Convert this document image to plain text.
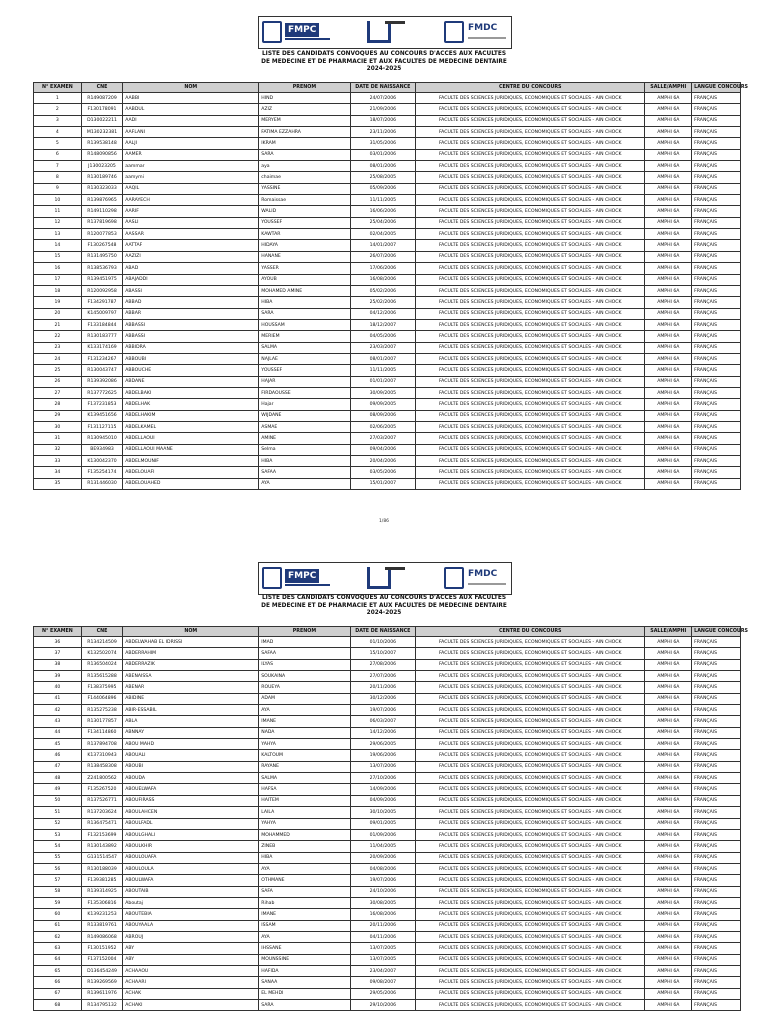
FMPC	FMDC
LISTE DES CANDIDATS CONVOQUES AU CONCOURS D'ACCES AUX FACULTES
DE MEDECINE ET DE PHARMACIE ET AUX FACULTES DE MEDECINE DENTAIRE
2024-2025
N° EXAMEN	CNE	NOM	PRENOM	DATE DE NAISSANCE	CENTRE DU CONCOURS	SALLE/AMPHI	LANGUE CONCOURS
1	R149087209	AABBI	HIND	24/07/2006	FACULTE DES SCIENCES JURIDIQUES, ECONOMIQUES ET SOCIALES - AIN CHOCK	AMPHI 6A	FRANÇAIS
2	F130178091	AABDUL	AZIZ	21/09/2006	FACULTE DES SCIENCES JURIDIQUES, ECONOMIQUES ET SOCIALES - AIN CHOCK	AMPHI 6A	FRANÇAIS
3	D130022211	AADI	MERYEM	18/07/2006	FACULTE DES SCIENCES JURIDIQUES, ECONOMIQUES ET SOCIALES - AIN CHOCK	AMPHI 6A	FRANÇAIS
4	M130232381	AAFLANI	FATIMA EZZAHRA	23/11/2006	FACULTE DES SCIENCES JURIDIQUES, ECONOMIQUES ET SOCIALES - AIN CHOCK	AMPHI 6A	FRANÇAIS
5	R139538148	AALJI	IKRAM	31/05/2006	FACULTE DES SCIENCES JURIDIQUES, ECONOMIQUES ET SOCIALES - AIN CHOCK	AMPHI 6A	FRANÇAIS
6	R148090856	AAMER	SARA	03/01/2006	FACULTE DES SCIENCES JURIDIQUES, ECONOMIQUES ET SOCIALES - AIN CHOCK	AMPHI 6A	FRANÇAIS
7	J130023205	aammar	aya	08/01/2006	FACULTE DES SCIENCES JURIDIQUES, ECONOMIQUES ET SOCIALES - AIN CHOCK	AMPHI 6A	FRANÇAIS
8	R130189746	aamymi	chaimae	25/08/2005	FACULTE DES SCIENCES JURIDIQUES, ECONOMIQUES ET SOCIALES - AIN CHOCK	AMPHI 6A	FRANÇAIS
9	R130323033	AAQIL	YASSINE	05/09/2006	FACULTE DES SCIENCES JURIDIQUES, ECONOMIQUES ET SOCIALES - AIN CHOCK	AMPHI 6A	FRANÇAIS
10	R139876965	AARAYECH	Romaissae	11/11/2005	FACULTE DES SCIENCES JURIDIQUES, ECONOMIQUES ET SOCIALES - AIN CHOCK	AMPHI 6A	FRANÇAIS
11	R149110298	AARIF	WALID	16/06/2006	FACULTE DES SCIENCES JURIDIQUES, ECONOMIQUES ET SOCIALES - AIN CHOCK	AMPHI 6A	FRANÇAIS
12	R137819698	AASLI	YOUSSEF	25/04/2006	FACULTE DES SCIENCES JURIDIQUES, ECONOMIQUES ET SOCIALES - AIN CHOCK	AMPHI 6A	FRANÇAIS
13	R120077853	AASSAR	KAWTAR	02/04/2005	FACULTE DES SCIENCES JURIDIQUES, ECONOMIQUES ET SOCIALES - AIN CHOCK	AMPHI 6A	FRANÇAIS
14	F130267548	AATTAF	HIDAYA	14/01/2007	FACULTE DES SCIENCES JURIDIQUES, ECONOMIQUES ET SOCIALES - AIN CHOCK	AMPHI 6A	FRANÇAIS
15	R131495750	AAZIZI	HANANE	26/07/2006	FACULTE DES SCIENCES JURIDIQUES, ECONOMIQUES ET SOCIALES - AIN CHOCK	AMPHI 6A	FRANÇAIS
16	R138536793	ABAD	YASSER	17/06/2006	FACULTE DES SCIENCES JURIDIQUES, ECONOMIQUES ET SOCIALES - AIN CHOCK	AMPHI 6A	FRANÇAIS
17	R139451975	ABAJADDI	AYOUB	16/08/2006	FACULTE DES SCIENCES JURIDIQUES, ECONOMIQUES ET SOCIALES - AIN CHOCK	AMPHI 6A	FRANÇAIS
18	R120092958	ABASSI	MOHAMED AMINE	05/02/2006	FACULTE DES SCIENCES JURIDIQUES, ECONOMIQUES ET SOCIALES - AIN CHOCK	AMPHI 6A	FRANÇAIS
19	F134291787	ABBAD	HIBA	25/02/2006	FACULTE DES SCIENCES JURIDIQUES, ECONOMIQUES ET SOCIALES - AIN CHOCK	AMPHI 6A	FRANÇAIS
20	K145009797	ABBAR	SARA	04/12/2006	FACULTE DES SCIENCES JURIDIQUES, ECONOMIQUES ET SOCIALES - AIN CHOCK	AMPHI 6A	FRANÇAIS
21	F133184844	ABBASSI	HOUSSAM	18/12/2007	FACULTE DES SCIENCES JURIDIQUES, ECONOMIQUES ET SOCIALES - AIN CHOCK	AMPHI 6A	FRANÇAIS
22	R130183777	ABBASSI	MERIEM	04/05/2006	FACULTE DES SCIENCES JURIDIQUES, ECONOMIQUES ET SOCIALES - AIN CHOCK	AMPHI 6A	FRANÇAIS
23	K133174169	ABBIDRA	SALMA	23/03/2007	FACULTE DES SCIENCES JURIDIQUES, ECONOMIQUES ET SOCIALES - AIN CHOCK	AMPHI 6A	FRANÇAIS
24	F131234267	ABBOUBI	NAJLAE	08/01/2007	FACULTE DES SCIENCES JURIDIQUES, ECONOMIQUES ET SOCIALES - AIN CHOCK	AMPHI 6A	FRANÇAIS
25	R130043747	ABBOUCHE	YOUSSEF	11/11/2005	FACULTE DES SCIENCES JURIDIQUES, ECONOMIQUES ET SOCIALES - AIN CHOCK	AMPHI 6A	FRANÇAIS
26	R139392086	ABDANE	HAJAR	01/01/2007	FACULTE DES SCIENCES JURIDIQUES, ECONOMIQUES ET SOCIALES - AIN CHOCK	AMPHI 6A	FRANÇAIS
27	R137772625	ABDELBAKI	FIRDAOUSSE	30/09/2005	FACULTE DES SCIENCES JURIDIQUES, ECONOMIQUES ET SOCIALES - AIN CHOCK	AMPHI 6A	FRANÇAIS
28	F137231853	ABDELHAK	Hajar	09/09/2005	FACULTE DES SCIENCES JURIDIQUES, ECONOMIQUES ET SOCIALES - AIN CHOCK	AMPHI 6A	FRANÇAIS
29	K139451656	ABDELHAKIM	WIJDANE	08/09/2006	FACULTE DES SCIENCES JURIDIQUES, ECONOMIQUES ET SOCIALES - AIN CHOCK	AMPHI 6A	FRANÇAIS
30	F131127115	ABDELKAMEL	ASMAE	02/06/2005	FACULTE DES SCIENCES JURIDIQUES, ECONOMIQUES ET SOCIALES - AIN CHOCK	AMPHI 6A	FRANÇAIS
31	R130945010	ABDELLAOUI	AMINE	27/03/2007	FACULTE DES SCIENCES JURIDIQUES, ECONOMIQUES ET SOCIALES - AIN CHOCK	AMPHI 6A	FRANÇAIS
32	BE934983	ABDELLAOUI MAANE	Selma	09/04/2006	FACULTE DES SCIENCES JURIDIQUES, ECONOMIQUES ET SOCIALES - AIN CHOCK	AMPHI 6A	FRANÇAIS
33	K130042370	ABDELMOUNIF	HIBA	20/04/2006	FACULTE DES SCIENCES JURIDIQUES, ECONOMIQUES ET SOCIALES - AIN CHOCK	AMPHI 6A	FRANÇAIS
34	F135254174	ABDELOUAFI	SAFAA	03/05/2006	FACULTE DES SCIENCES JURIDIQUES, ECONOMIQUES ET SOCIALES - AIN CHOCK	AMPHI 6A	FRANÇAIS
35	R131446030	ABDELOUAHED	AYA	15/01/2007	FACULTE DES SCIENCES JURIDIQUES, ECONOMIQUES ET SOCIALES - AIN CHOCK	AMPHI 6A	FRANÇAIS
1/86
FMPC	FMDC
LISTE DES CANDIDATS CONVOQUES AU CONCOURS D'ACCES AUX FACULTES
DE MEDECINE ET DE PHARMACIE ET AUX FACULTES DE MEDECINE DENTAIRE
2024-2025
N° EXAMEN	CNE	NOM	PRENOM	DATE DE NAISSANCE	CENTRE DU CONCOURS	SALLE/AMPHI	LANGUE CONCOURS
36	R134214509	ABDELWAHAB EL IDRISSI	IMAD	01/10/2006	FACULTE DES SCIENCES JURIDIQUES, ECONOMIQUES ET SOCIALES - AIN CHOCK	AMPHI 6A	FRANÇAIS
37	K132502074	ABDERRAHIM	SAFAA	15/10/2007	FACULTE DES SCIENCES JURIDIQUES, ECONOMIQUES ET SOCIALES - AIN CHOCK	AMPHI 6A	FRANÇAIS
38	R136504024	ABDERRAZIK	ILYAS	27/08/2006	FACULTE DES SCIENCES JURIDIQUES, ECONOMIQUES ET SOCIALES - AIN CHOCK	AMPHI 6A	FRANÇAIS
39	R135615288	ABENAISSA	SOUKAINA	27/07/2006	FACULTE DES SCIENCES JURIDIQUES, ECONOMIQUES ET SOCIALES - AIN CHOCK	AMPHI 6A	FRANÇAIS
40	F138375995	ABENAR	ROUEYA	20/11/2006	FACULTE DES SCIENCES JURIDIQUES, ECONOMIQUES ET SOCIALES - AIN CHOCK	AMPHI 6A	FRANÇAIS
41	F144064896	ABIDINE	ADAM	30/12/2006	FACULTE DES SCIENCES JURIDIQUES, ECONOMIQUES ET SOCIALES - AIN CHOCK	AMPHI 6A	FRANÇAIS
42	R135275238	ABIR-ESSABIL	AYA	19/07/2006	FACULTE DES SCIENCES JURIDIQUES, ECONOMIQUES ET SOCIALES - AIN CHOCK	AMPHI 6A	FRANÇAIS
43	R130177857	ABLA	IMANE	06/03/2007	FACULTE DES SCIENCES JURIDIQUES, ECONOMIQUES ET SOCIALES - AIN CHOCK	AMPHI 6A	FRANÇAIS
44	F134114860	ABNNAY	NADA	14/12/2006	FACULTE DES SCIENCES JURIDIQUES, ECONOMIQUES ET SOCIALES - AIN CHOCK	AMPHI 6A	FRANÇAIS
45	R137894708	ABOU MAHD	YAHYA	29/06/2005	FACULTE DES SCIENCES JURIDIQUES, ECONOMIQUES ET SOCIALES - AIN CHOCK	AMPHI 6A	FRANÇAIS
46	K137310943	ABOUALI	KALTOUM	19/06/2006	FACULTE DES SCIENCES JURIDIQUES, ECONOMIQUES ET SOCIALES - AIN CHOCK	AMPHI 6A	FRANÇAIS
47	R138458308	ABOUBI	RAYANE	13/07/2006	FACULTE DES SCIENCES JURIDIQUES, ECONOMIQUES ET SOCIALES - AIN CHOCK	AMPHI 6A	FRANÇAIS
48	Z241800562	ABOUDA	SALMA	27/10/2006	FACULTE DES SCIENCES JURIDIQUES, ECONOMIQUES ET SOCIALES - AIN CHOCK	AMPHI 6A	FRANÇAIS
49	F135267520	ABOUELWAFA	HAFSA	14/09/2006	FACULTE DES SCIENCES JURIDIQUES, ECONOMIQUES ET SOCIALES - AIN CHOCK	AMPHI 6A	FRANÇAIS
50	R137526771	ABOUFIRASS	HAITEM	04/09/2006	FACULTE DES SCIENCES JURIDIQUES, ECONOMIQUES ET SOCIALES - AIN CHOCK	AMPHI 6A	FRANÇAIS
51	R137203624	ABOULAHCEN	LAILA	30/10/2005	FACULTE DES SCIENCES JURIDIQUES, ECONOMIQUES ET SOCIALES - AIN CHOCK	AMPHI 6A	FRANÇAIS
52	R136475471	ABOULFADL	YAHYA	09/01/2005	FACULTE DES SCIENCES JURIDIQUES, ECONOMIQUES ET SOCIALES - AIN CHOCK	AMPHI 6A	FRANÇAIS
53	F132153699	ABOULGHALI	MOHAMMED	01/09/2006	FACULTE DES SCIENCES JURIDIQUES, ECONOMIQUES ET SOCIALES - AIN CHOCK	AMPHI 6A	FRANÇAIS
54	R130143892	ABOULKHIR	ZINEB	11/04/2005	FACULTE DES SCIENCES JURIDIQUES, ECONOMIQUES ET SOCIALES - AIN CHOCK	AMPHI 6A	FRANÇAIS
55	G131514547	ABOULOUAFA	HIBA	20/09/2006	FACULTE DES SCIENCES JURIDIQUES, ECONOMIQUES ET SOCIALES - AIN CHOCK	AMPHI 6A	FRANÇAIS
56	R130188039	ABOULOULA	AYA	04/08/2006	FACULTE DES SCIENCES JURIDIQUES, ECONOMIQUES ET SOCIALES - AIN CHOCK	AMPHI 6A	FRANÇAIS
57	F139381285	ABOULWAFA	OTHMANE	19/07/2006	FACULTE DES SCIENCES JURIDIQUES, ECONOMIQUES ET SOCIALES - AIN CHOCK	AMPHI 6A	FRANÇAIS
58	R139314925	ABOUTAIB	SAFA	24/10/2006	FACULTE DES SCIENCES JURIDIQUES, ECONOMIQUES ET SOCIALES - AIN CHOCK	AMPHI 6A	FRANÇAIS
59	F135306816	Aboutaj	Rihab	30/08/2005	FACULTE DES SCIENCES JURIDIQUES, ECONOMIQUES ET SOCIALES - AIN CHOCK	AMPHI 6A	FRANÇAIS
60	K139231253	ABOUTEBIA	IMANE	16/08/2006	FACULTE DES SCIENCES JURIDIQUES, ECONOMIQUES ET SOCIALES - AIN CHOCK	AMPHI 6A	FRANÇAIS
61	R133819761	ABOUYAALA	ISSAM	20/11/2006	FACULTE DES SCIENCES JURIDIQUES, ECONOMIQUES ET SOCIALES - AIN CHOCK	AMPHI 6A	FRANÇAIS
62	R149086068	ABROUJ	AYA	04/11/2006	FACULTE DES SCIENCES JURIDIQUES, ECONOMIQUES ET SOCIALES - AIN CHOCK	AMPHI 6A	FRANÇAIS
63	F130151952	ABY	IHSSANE	13/07/2005	FACULTE DES SCIENCES JURIDIQUES, ECONOMIQUES ET SOCIALES - AIN CHOCK	AMPHI 6A	FRANÇAIS
64	F137152004	ABY	MOUNSSINE	13/07/2005	FACULTE DES SCIENCES JURIDIQUES, ECONOMIQUES ET SOCIALES - AIN CHOCK	AMPHI 6A	FRANÇAIS
65	D136454249	ACHAAOU	HAFIDA	23/04/2007	FACULTE DES SCIENCES JURIDIQUES, ECONOMIQUES ET SOCIALES - AIN CHOCK	AMPHI 6A	FRANÇAIS
66	R139269569	ACHAARI	SANAA	09/08/2007	FACULTE DES SCIENCES JURIDIQUES, ECONOMIQUES ET SOCIALES - AIN CHOCK	AMPHI 6A	FRANÇAIS
67	R139611976	ACHAK	EL MEHDI	29/05/2006	FACULTE DES SCIENCES JURIDIQUES, ECONOMIQUES ET SOCIALES - AIN CHOCK	AMPHI 6A	FRANÇAIS
68	R134795132	ACHAKI	SARA	29/10/2006	FACULTE DES SCIENCES JURIDIQUES, ECONOMIQUES ET SOCIALES - AIN CHOCK	AMPHI 6A	FRANÇAIS
